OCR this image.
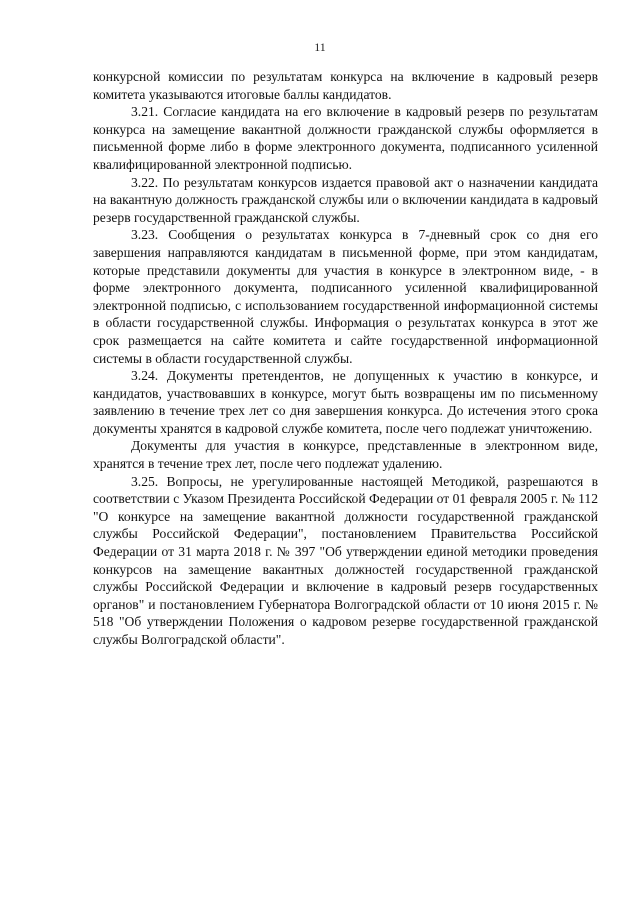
11

конкурсной комиссии по результатам конкурса на включение в кадровый резерв комитета указываются итоговые баллы кандидатов.

3.21. Согласие кандидата на его включение в кадровый резерв по результатам конкурса на замещение вакантной должности гражданской службы оформляется в письменной форме либо в форме электронного документа, подписанного усиленной квалифицированной электронной подписью.

3.22. По результатам конкурсов издается правовой акт о назначении кандидата на вакантную должность гражданской службы или о включении кандидата в кадровый резерв государственной гражданской службы.

3.23. Сообщения о результатах конкурса в 7-дневный срок со дня его завершения направляются кандидатам в письменной форме, при этом кандидатам, которые представили документы для участия в конкурсе в электронном виде, - в форме электронного документа, подписанного усиленной квалифицированной электронной подписью, с использованием государственной информационной системы в области государственной службы. Информация о результатах конкурса в этот же срок размещается на сайте комитета и сайте государственной информационной системы в области государственной службы.

3.24. Документы претендентов, не допущенных к участию в конкурсе, и кандидатов, участвовавших в конкурсе, могут быть возвращены им по письменному заявлению в течение трех лет со дня завершения конкурса. До истечения этого срока документы хранятся в кадровой службе комитета, после чего подлежат уничтожению.

Документы для участия в конкурсе, представленные в электронном виде, хранятся в течение трех лет, после чего подлежат удалению.

3.25. Вопросы, не урегулированные настоящей Методикой, разрешаются в соответствии с Указом Президента Российской Федерации от 01 февраля 2005 г. № 112 "О конкурсе на замещение вакантной должности государственной гражданской службы Российской Федерации", постановлением Правительства Российской Федерации от 31 марта 2018 г. № 397 "Об утверждении единой методики проведения конкурсов на замещение вакантных должностей государственной гражданской службы Российской Федерации и включение в кадровый резерв государственных органов" и постановлением Губернатора Волгоградской области от 10 июня 2015 г. № 518 "Об утверждении Положения о кадровом резерве государственной гражданской службы Волгоградской области".
